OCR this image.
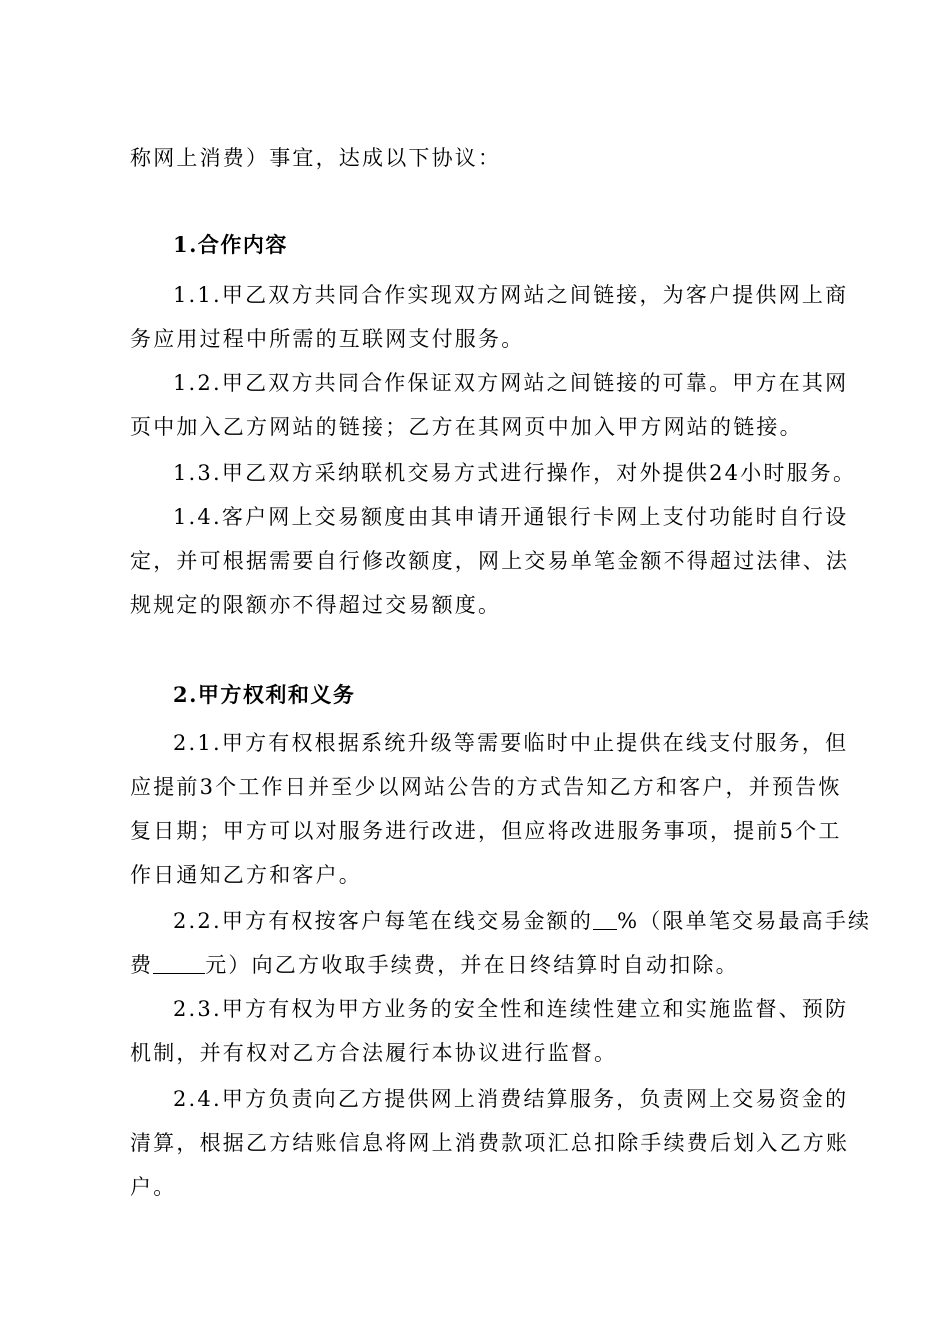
称网上消费）事宜，达成以下协议：
1.合作内容
1.1.甲乙双方共同合作实现双方网站之间链接，为客户提供网上商
务应用过程中所需的互联网支付服务。
1.2.甲乙双方共同合作保证双方网站之间链接的可靠。甲方在其网
页中加入乙方网站的链接；乙方在其网页中加入甲方网站的链接。
1.3.甲乙双方采纳联机交易方式进行操作，对外提供24小时服务。
1.4.客户网上交易额度由其申请开通银行卡网上支付功能时自行设
定，并可根据需要自行修改额度，网上交易单笔金额不得超过法律、法
规规定的限额亦不得超过交易额度。
2.甲方权利和义务
2.1.甲方有权根据系统升级等需要临时中止提供在线支付服务，但
应提前3个工作日并至少以网站公告的方式告知乙方和客户，并预告恢
复日期；甲方可以对服务进行改进，但应将改进服务事项，提前5个工
作日通知乙方和客户。
2.2.甲方有权按客户每笔在线交易金额的 %（限单笔交易最高手续
费 元）向乙方收取手续费，并在日终结算时自动扣除。
2.3.甲方有权为甲方业务的安全性和连续性建立和实施监督、预防
机制，并有权对乙方合法履行本协议进行监督。
2.4.甲方负责向乙方提供网上消费结算服务，负责网上交易资金的
清算，根据乙方结账信息将网上消费款项汇总扣除手续费后划入乙方账
户。
